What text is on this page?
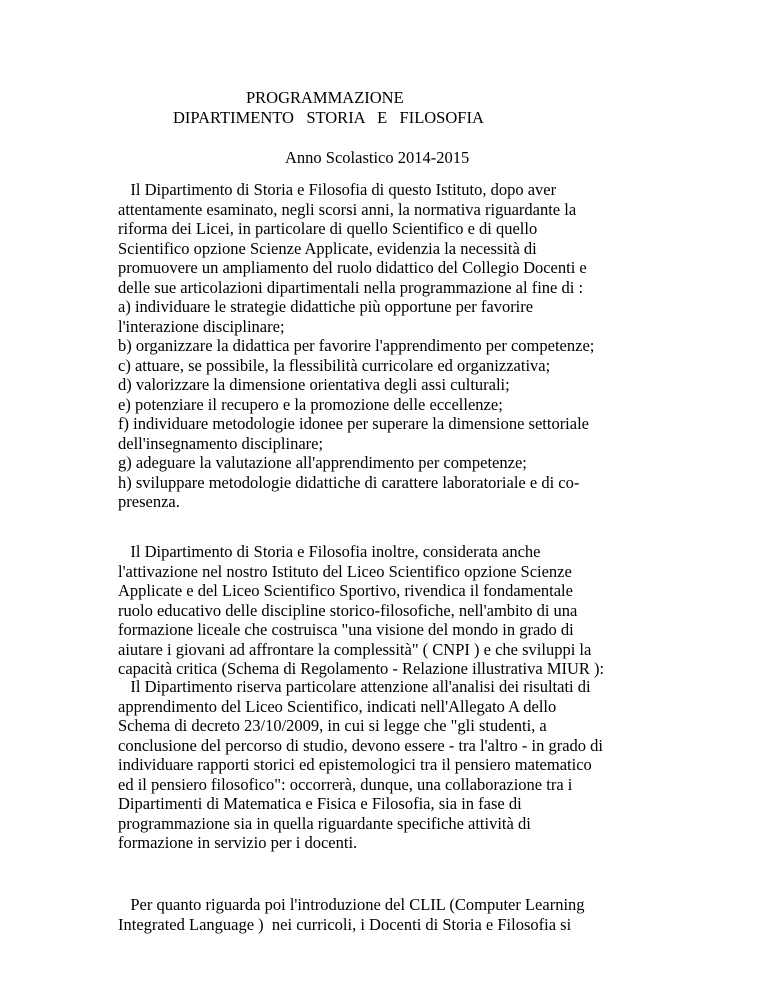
PROGRAMMAZIONE
DIPARTIMENTO   STORIA   E   FILOSOFIA
Anno Scolastico 2014-2015
Il Dipartimento di Storia e Filosofia di questo Istituto, dopo aver
attentamente esaminato, negli scorsi anni, la normativa riguardante la
riforma dei Licei, in particolare di quello Scientifico e di quello
Scientifico opzione Scienze Applicate, evidenzia la necessità di
promuovere un ampliamento del ruolo didattico del Collegio Docenti e
delle sue articolazioni dipartimentali nella programmazione al fine di :
a) individuare le strategie didattiche più opportune per favorire
l'interazione disciplinare;
b) organizzare la didattica per favorire l'apprendimento per competenze;
c) attuare, se possibile, la flessibilità curricolare ed organizzativa;
d) valorizzare la dimensione orientativa degli assi culturali;
e) potenziare il recupero e la promozione delle eccellenze;
f) individuare metodologie idonee per superare la dimensione settoriale
dell'insegnamento disciplinare;
g) adeguare la valutazione all'apprendimento per competenze;
h) sviluppare metodologie didattiche di carattere laboratoriale e di co-
presenza.
Il Dipartimento di Storia e Filosofia inoltre, considerata anche
l'attivazione nel nostro Istituto del Liceo Scientifico opzione Scienze
Applicate e del Liceo Scientifico Sportivo, rivendica il fondamentale
ruolo educativo delle discipline storico-filosofiche, nell'ambito di una
formazione liceale che costruisca "una visione del mondo in grado di
aiutare i giovani ad affrontare la complessità" ( CNPI ) e che sviluppi la
capacità critica (Schema di Regolamento - Relazione illustrativa MIUR ):
Il Dipartimento riserva particolare attenzione all'analisi dei risultati di
apprendimento del Liceo Scientifico, indicati nell'Allegato A dello
Schema di decreto 23/10/2009, in cui si legge che "gli studenti, a
conclusione del percorso di studio, devono essere - tra l'altro - in grado di
individuare rapporti storici ed epistemologici tra il pensiero matematico
ed il pensiero filosofico": occorrerà, dunque, una collaborazione tra i
Dipartimenti di Matematica e Fisica e Filosofia, sia in fase di
programmazione sia in quella riguardante specifiche attività di
formazione in servizio per i docenti.
Per quanto riguarda poi l'introduzione del CLIL (Computer Learning
Integrated Language )  nei curricoli, i Docenti di Storia e Filosofia si
